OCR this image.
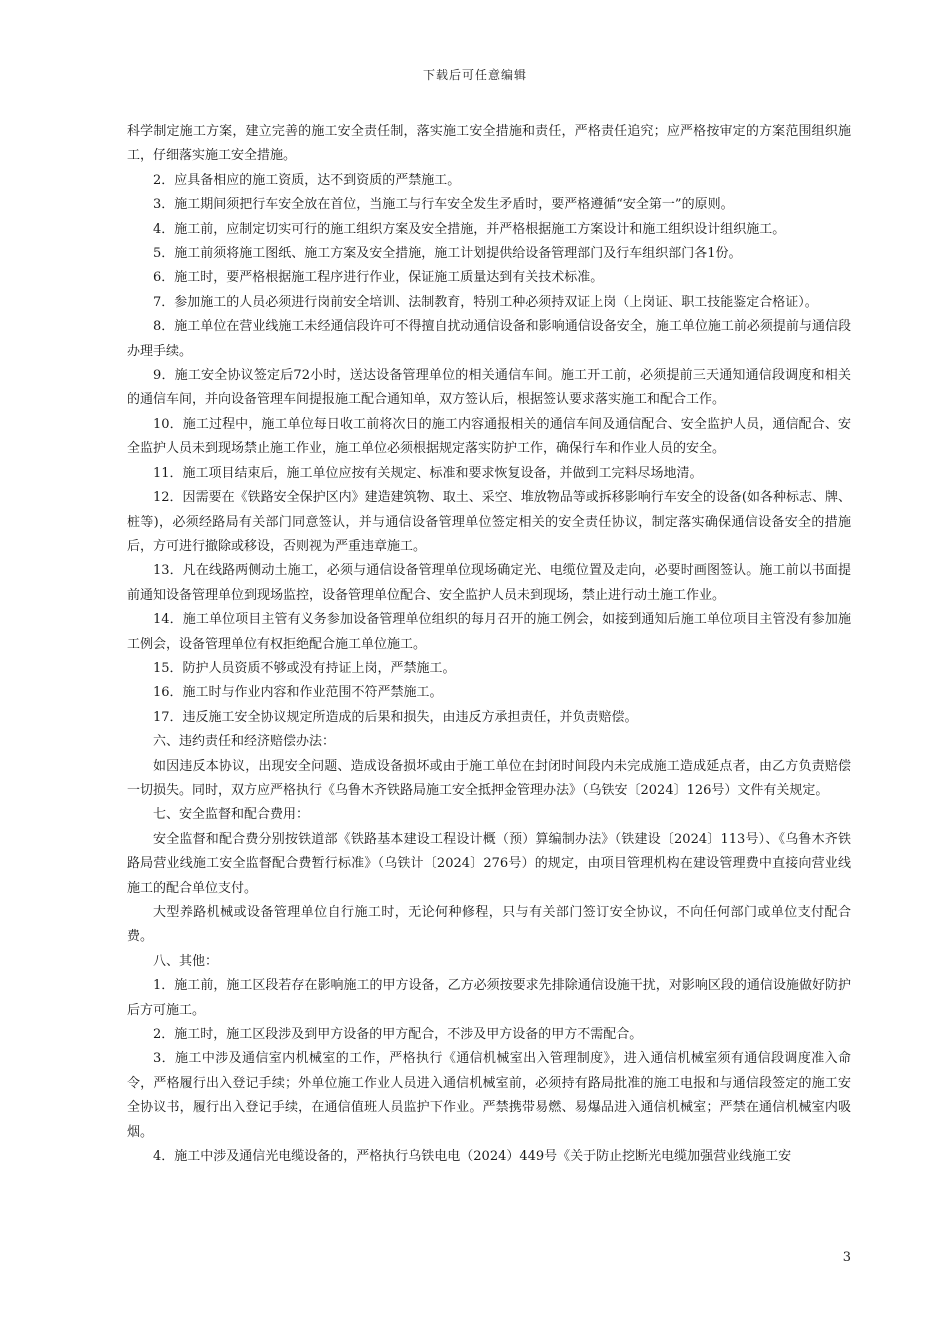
下载后可任意编辑

科学制定施工方案，建立完善的施工安全责任制，落实施工安全措施和责任，严格责任追究；应严格按审定的方案范围组织施工，仔细落实施工安全措施。

2．应具备相应的施工资质，达不到资质的严禁施工。

3．施工期间须把行车安全放在首位，当施工与行车安全发生矛盾时，要严格遵循“安全第一”的原则。

4．施工前，应制定切实可行的施工组织方案及安全措施，并严格根据施工方案设计和施工组织设计组织施工。

5．施工前须将施工图纸、施工方案及安全措施，施工计划提供给设备管理部门及行车组织部门各1份。

6．施工时，要严格根据施工程序进行作业，保证施工质量达到有关技术标准。

7．参加施工的人员必须进行岗前安全培训、法制教育，特别工种必须持双证上岗（上岗证、职工技能鉴定合格证）。

8．施工单位在营业线施工未经通信段许可不得擅自扰动通信设备和影响通信设备安全，施工单位施工前必须提前与通信段办理手续。

9．施工安全协议签定后72小时，送达设备管理单位的相关通信车间。施工开工前，必须提前三天通知通信段调度和相关的通信车间，并向设备管理车间提报施工配合通知单，双方签认后，根据签认要求落实施工和配合工作。

10．施工过程中，施工单位每日收工前将次日的施工内容通报相关的通信车间及通信配合、安全监护人员，通信配合、安全监护人员未到现场禁止施工作业，施工单位必须根据规定落实防护工作，确保行车和作业人员的安全。

11．施工项目结束后，施工单位应按有关规定、标准和要求恢复设备，并做到工完料尽场地清。

12．因需要在《铁路安全保护区内》建造建筑物、取土、采空、堆放物品等或拆移影响行车安全的设备(如各种标志、牌、桩等)，必须经路局有关部门同意签认，并与通信设备管理单位签定相关的安全责任协议，制定落实确保通信设备安全的措施后，方可进行撤除或移设，否则视为严重违章施工。

13．凡在线路两侧动土施工，必须与通信设备管理单位现场确定光、电缆位置及走向，必要时画图签认。施工前以书面提前通知设备管理单位到现场监控，设备管理单位配合、安全监护人员未到现场，禁止进行动土施工作业。

14．施工单位项目主管有义务参加设备管理单位组织的每月召开的施工例会，如接到通知后施工单位项目主管没有参加施工例会，设备管理单位有权拒绝配合施工单位施工。

15．防护人员资质不够或没有持证上岗，严禁施工。

16．施工时与作业内容和作业范围不符严禁施工。

17．违反施工安全协议规定所造成的后果和损失，由违反方承担责任，并负责赔偿。

六、违约责任和经济赔偿办法：

如因违反本协议，出现安全问题、造成设备损坏或由于施工单位在封闭时间段内未完成施工造成延点者，由乙方负责赔偿一切损失。同时，双方应严格执行《乌鲁木齐铁路局施工安全抵押金管理办法》（乌铁安〔2024〕126号）文件有关规定。

七、安全监督和配合费用：

安全监督和配合费分别按铁道部《铁路基本建设工程设计概（预）算编制办法》（铁建设〔2024〕113号）、《乌鲁木齐铁路局营业线施工安全监督配合费暂行标准》（乌铁计〔2024〕276号）的规定，由项目管理机构在建设管理费中直接向营业线施工的配合单位支付。

大型养路机械或设备管理单位自行施工时，无论何种修程，只与有关部门签订安全协议，不向任何部门或单位支付配合费。

八、其他：

1．施工前，施工区段若存在影响施工的甲方设备，乙方必须按要求先排除通信设施干扰，对影响区段的通信设施做好防护后方可施工。

2．施工时，施工区段涉及到甲方设备的甲方配合，不涉及甲方设备的甲方不需配合。

3．施工中涉及通信室内机械室的工作，严格执行《通信机械室出入管理制度》，进入通信机械室须有通信段调度准入命令，严格履行出入登记手续；外单位施工作业人员进入通信机械室前，必须持有路局批准的施工电报和与通信段签定的施工安全协议书，履行出入登记手续，在通信值班人员监护下作业。严禁携带易燃、易爆品进入通信机械室；严禁在通信机械室内吸烟。

4．施工中涉及通信光电缆设备的，严格执行乌铁电电（2024）449号《关于防止挖断光电缆加强营业线施工安

3
